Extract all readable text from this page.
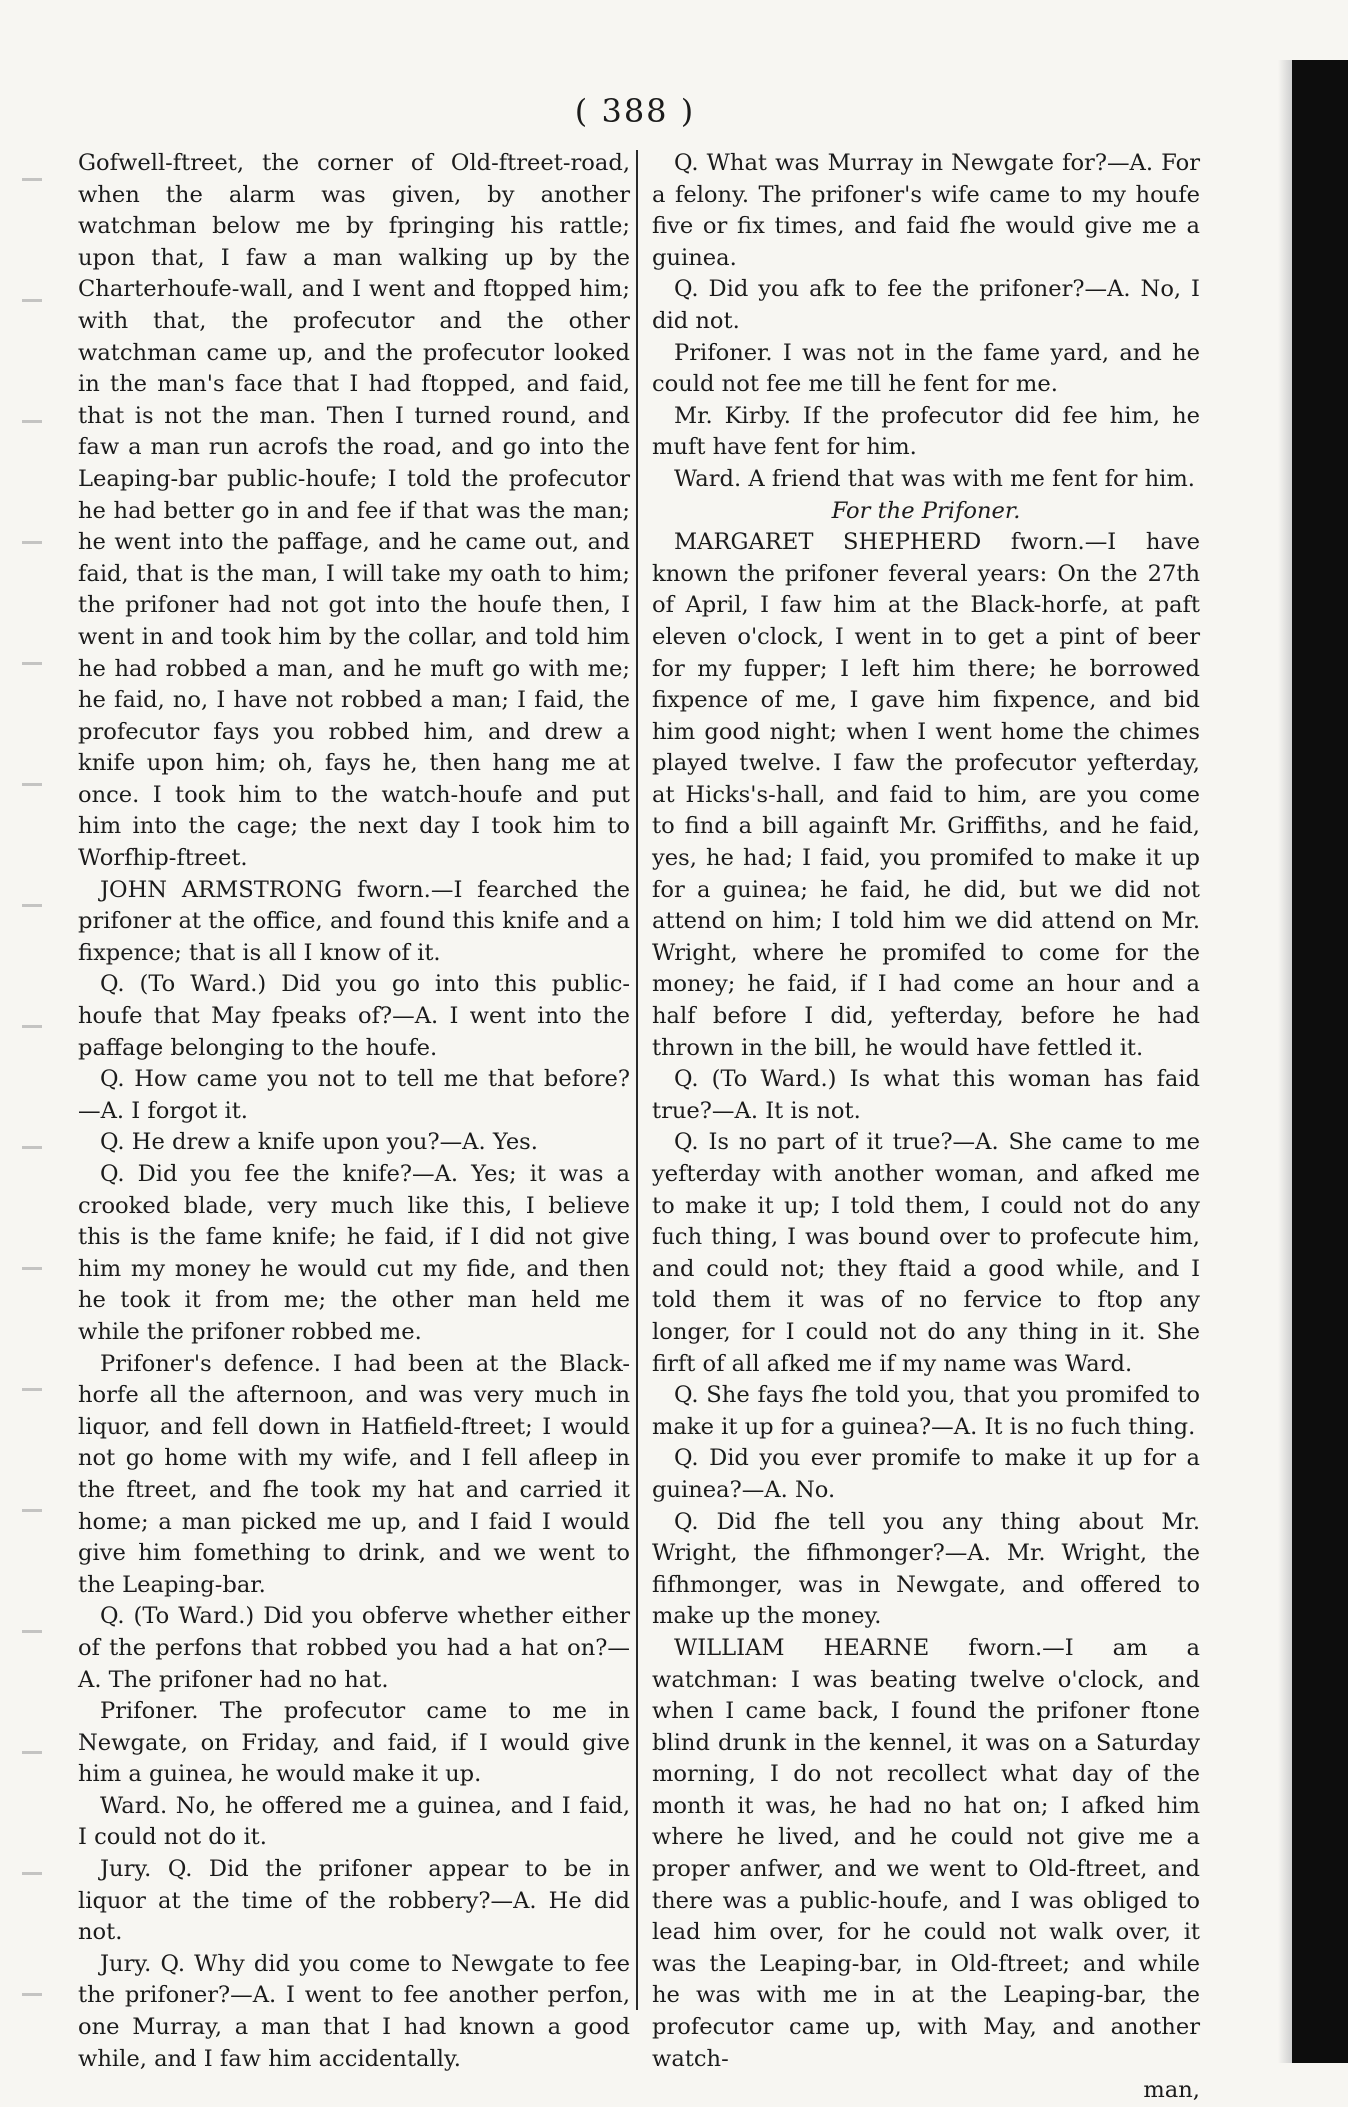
( 388 )

Gofwell-ftreet, the corner of Old-ftreet-road, when the alarm was given, by another watchman below me by fpringing his rattle; upon that, I faw a man walking up by the Charterhoufe-wall, and I went and ftopped him; with that, the profecutor and the other watchman came up, and the profecutor looked in the man's face that I had ftopped, and faid, that is not the man. Then I turned round, and faw a man run acrofs the road, and go into the Leaping-bar public-houfe; I told the profecutor he had better go in and fee if that was the man; he went into the paffage, and he came out, and faid, that is the man, I will take my oath to him; the prifoner had not got into the houfe then, I went in and took him by the collar, and told him he had robbed a man, and he muft go with me; he faid, no, I have not robbed a man; I faid, the profecutor fays you robbed him, and drew a knife upon him; oh, fays he, then hang me at once. I took him to the watch-houfe and put him into the cage; the next day I took him to Worfhip-ftreet.

JOHN ARMSTRONG fworn.—I fearched the prifoner at the office, and found this knife and a fixpence; that is all I know of it.

Q. (To Ward.) Did you go into this public-houfe that May fpeaks of?—A. I went into the paffage belonging to the houfe.

Q. How came you not to tell me that before?—A. I forgot it.

Q. He drew a knife upon you?—A. Yes.

Q. Did you fee the knife?—A. Yes; it was a crooked blade, very much like this, I believe this is the fame knife; he faid, if I did not give him my money he would cut my fide, and then he took it from me; the other man held me while the prifoner robbed me.

Prifoner's defence. I had been at the Black-horfe all the afternoon, and was very much in liquor, and fell down in Hatfield-ftreet; I would not go home with my wife, and I fell afleep in the ftreet, and fhe took my hat and carried it home; a man picked me up, and I faid I would give him fomething to drink, and we went to the Leaping-bar.

Q. (To Ward.) Did you obferve whether either of the perfons that robbed you had a hat on?—A. The prifoner had no hat.

Prifoner. The profecutor came to me in Newgate, on Friday, and faid, if I would give him a guinea, he would make it up.

Ward. No, he offered me a guinea, and I faid, I could not do it.

Jury. Q. Did the prifoner appear to be in liquor at the time of the robbery?—A. He did not.

Jury. Q. Why did you come to Newgate to fee the prifoner?—A. I went to fee another perfon, one Murray, a man that I had known a good while, and I faw him accidentally.

Q. What was Murray in Newgate for?—A. For a felony. The prifoner's wife came to my houfe five or fix times, and faid fhe would give me a guinea.

Q. Did you afk to fee the prifoner?—A. No, I did not.

Prifoner. I was not in the fame yard, and he could not fee me till he fent for me.

Mr. Kirby. If the profecutor did fee him, he muft have fent for him.

Ward. A friend that was with me fent for him.

For the Prifoner.

MARGARET SHEPHERD fworn.—I have known the prifoner feveral years: On the 27th of April, I faw him at the Black-horfe, at paft eleven o'clock, I went in to get a pint of beer for my fupper; I left him there; he borrowed fixpence of me, I gave him fixpence, and bid him good night; when I went home the chimes played twelve. I faw the profecutor yefterday, at Hicks's-hall, and faid to him, are you come to find a bill againft Mr. Griffiths, and he faid, yes, he had; I faid, you promifed to make it up for a guinea; he faid, he did, but we did not attend on him; I told him we did attend on Mr. Wright, where he promifed to come for the money; he faid, if I had come an hour and a half before I did, yefterday, before he had thrown in the bill, he would have fettled it.

Q. (To Ward.) Is what this woman has faid true?—A. It is not.

Q. Is no part of it true?—A. She came to me yefterday with another woman, and afked me to make it up; I told them, I could not do any fuch thing, I was bound over to profecute him, and could not; they ftaid a good while, and I told them it was of no fervice to ftop any longer, for I could not do any thing in it. She firft of all afked me if my name was Ward.

Q. She fays fhe told you, that you promifed to make it up for a guinea?—A. It is no fuch thing.

Q. Did you ever promife to make it up for a guinea?—A. No.

Q. Did fhe tell you any thing about Mr. Wright, the fifhmonger?—A. Mr. Wright, the fifhmonger, was in Newgate, and offered to make up the money.

WILLIAM HEARNE fworn.—I am a watchman: I was beating twelve o'clock, and when I came back, I found the prifoner ftone blind drunk in the kennel, it was on a Saturday morning, I do not recollect what day of the month it was, he had no hat on; I afked him where he lived, and he could not give me a proper anfwer, and we went to Old-ftreet, and there was a public-houfe, and I was obliged to lead him over, for he could not walk over, it was the Leaping-bar, in Old-ftreet; and while he was with me in at the Leaping-bar, the profecutor came up, with May, and another watch-

man,
